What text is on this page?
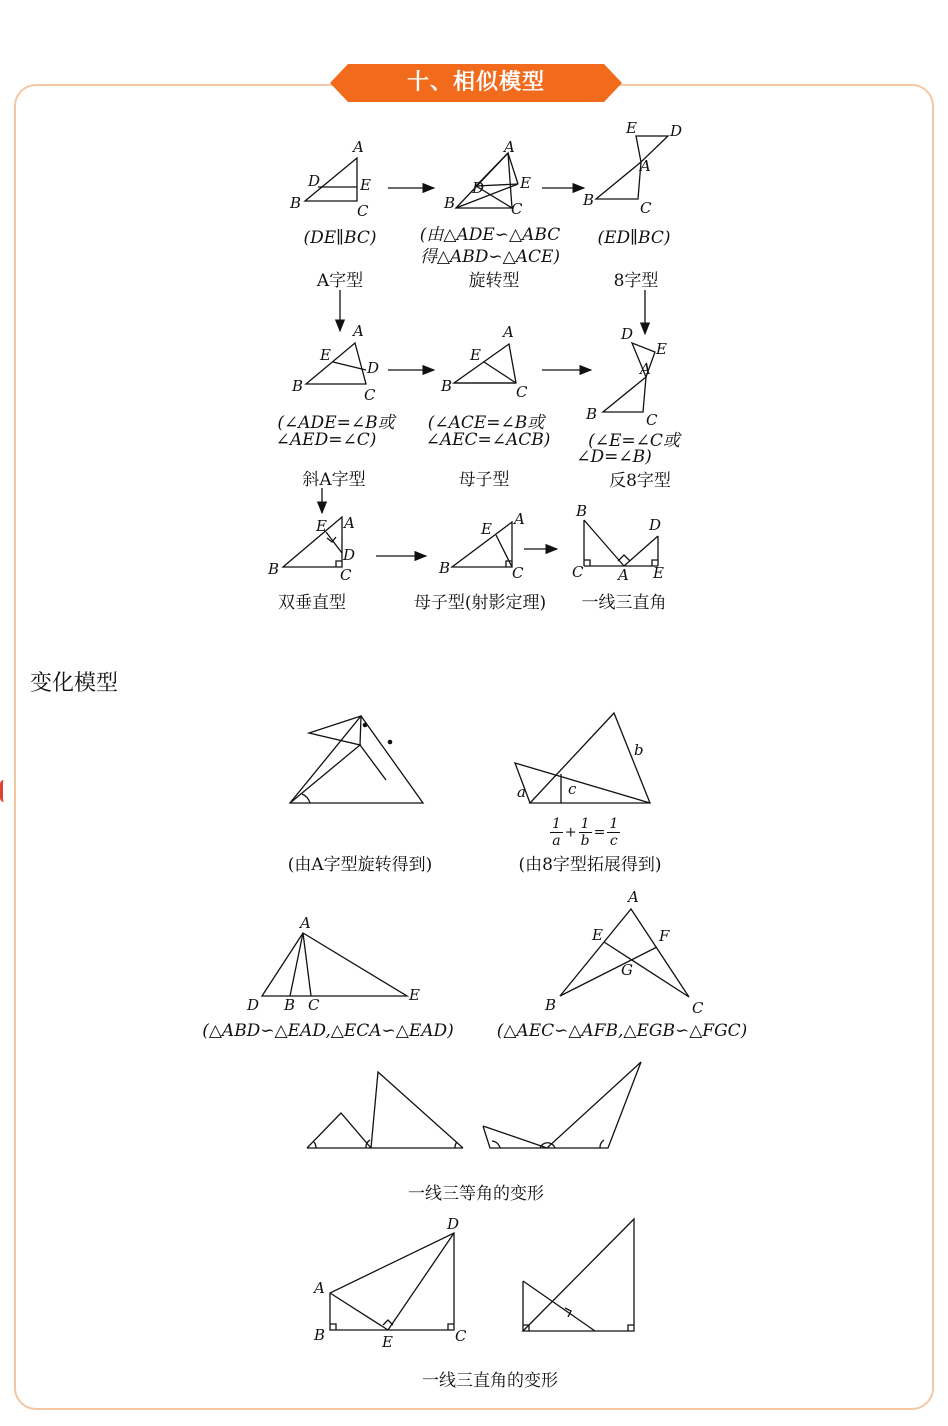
十、相似模型
A
B	C
D	E
A
B	C
D E
A
B	C
E D
A
B	C
D
E
A
B	C
E
A
B	C
D
E
A
B	C
D
E	A
B	C
E
B
C A
D
E
a
b
c
A
D B C
E
A
E	F
G
B	C
D
A
B	E	C
$\frac{1}{a} + \frac{1}{b} = \frac{1}{c}$
(DE∥BC)
A字型
(由△ADE∽△ABC
得△ABD∽△ACE)
旋转型
(ED∥BC)
8字型
(∠ADE=∠B或
∠AED=∠C)
斜A字型
(∠ACE=∠B或
∠AEC=∠ACB)
母子型
(∠E=∠C或
∠D=∠B)
反8字型
双垂直型	母子型(射影定理) 一线三直角
变化模型
(由A字型旋转得到)	(由8字型拓展得到)
(△ABD∽△EAD,△ECA∽△EAD)	(△AEC∽△AFB,△EGB∽△FGC)
一线三等角的变形
一线三直角的变形
